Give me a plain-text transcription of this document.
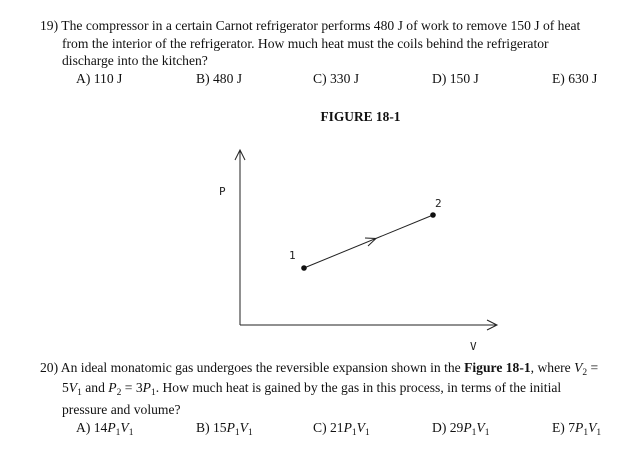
19) The compressor in a certain Carnot refrigerator performs 480 J of work to remove 150 J of heat
from the interior of the refrigerator. How much heat must the coils behind the refrigerator
discharge into the kitchen?
A) 110 J	B) 480 J	C) 330 J	D) 150 J	E) 630 J
FIGURE 18-1
P
V
1
2
20) An ideal monatomic gas undergoes the reversible expansion shown in the Figure 18-1, where $V_2$ =
$5V_1$ and $P_2 = 3P_1$. How much heat is gained by the gas in this process, in terms of the initial
pressure and volume?
A) $14P_1V_1$	B) $15P_1V_1$	C) $21P_1V_1$	D) $29P_1V_1$	E) $7P_1V_1$
